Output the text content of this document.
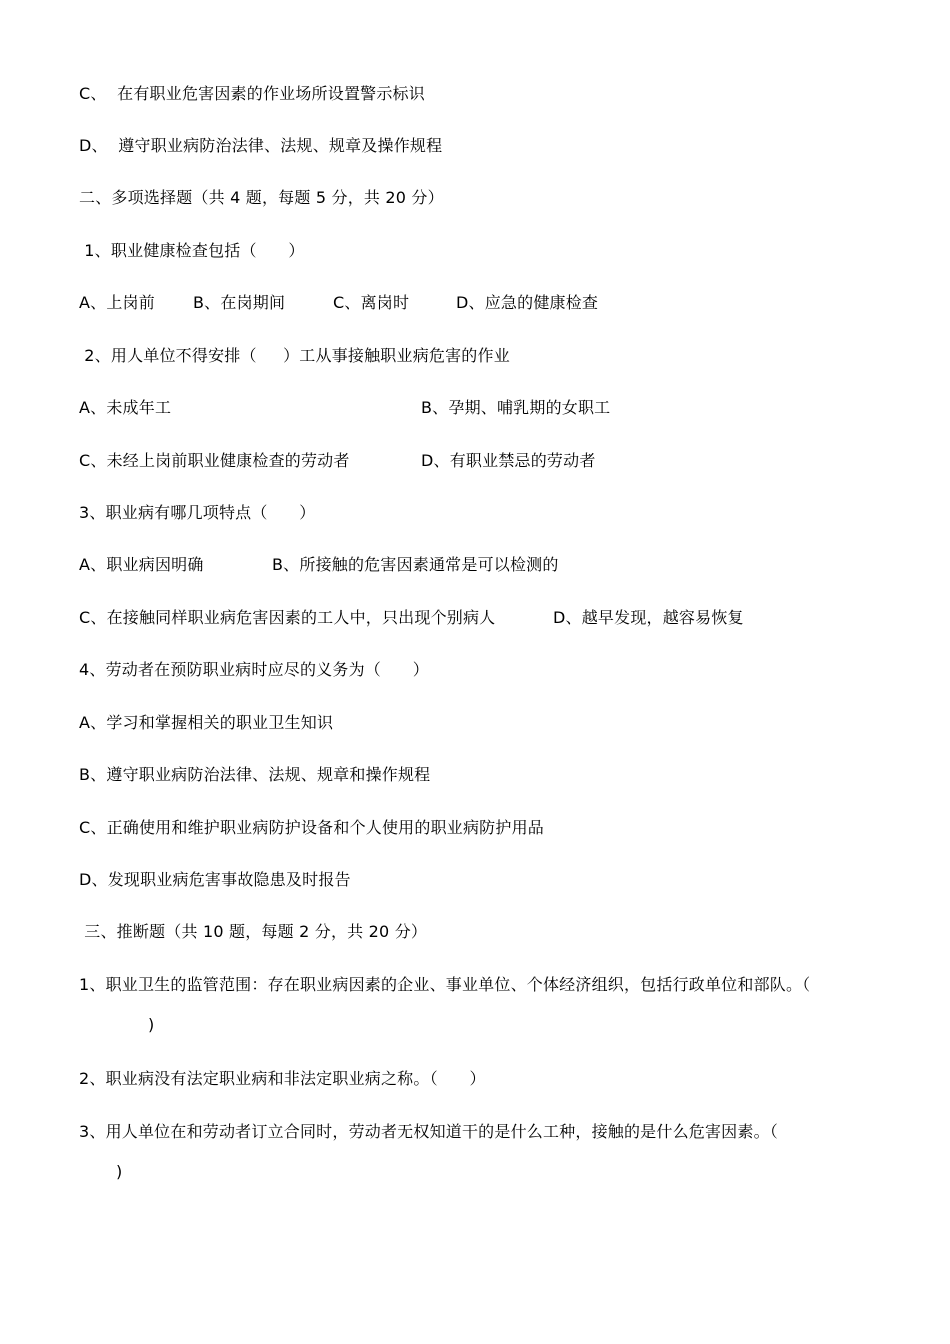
C、  在有职业危害因素的作业场所设置警示标识
D、  遵守职业病防治法律、法规、规章及操作规程
二、多项选择题（共 4 题，每题 5 分，共 20 分）
1、职业健康检查包括（      ）

A、上岗前

B、在岗期间

	C、离岗时

	D、应急的健康检查

2、用人单位不得安排（     ）工从事接触职业病危害的作业

A、未成年工

	B、孕期、哺乳期的女职工

C、未经上岗前职业健康检查的劳动者

	D、有职业禁忌的劳动者

3、职业病有哪几项特点（      ）

A、职业病因明确

	B、所接触的危害因素通常是可以检测的

C、在接触同样职业病危害因素的工人中，只出现个别病人

	D、越早发现，越容易恢复

4、劳动者在预防职业病时应尽的义务为（      ）
A、学习和掌握相关的职业卫生知识
B、遵守职业病防治法律、法规、规章和操作规程
C、正确使用和维护职业病防护设备和个人使用的职业病防护用品
D、发现职业病危害事故隐患及时报告
三、推断题（共 10 题，每题 2 分，共 20 分）
1、职业卫生的监管范围：存在职业病因素的企业、事业单位、个体经济组织，包括行政单位和部队。（
)
2、职业病没有法定职业病和非法定职业病之称。（      ）
3、用人单位在和劳动者订立合同时，劳动者无权知道干的是什么工种，接触的是什么危害因素。（
)
